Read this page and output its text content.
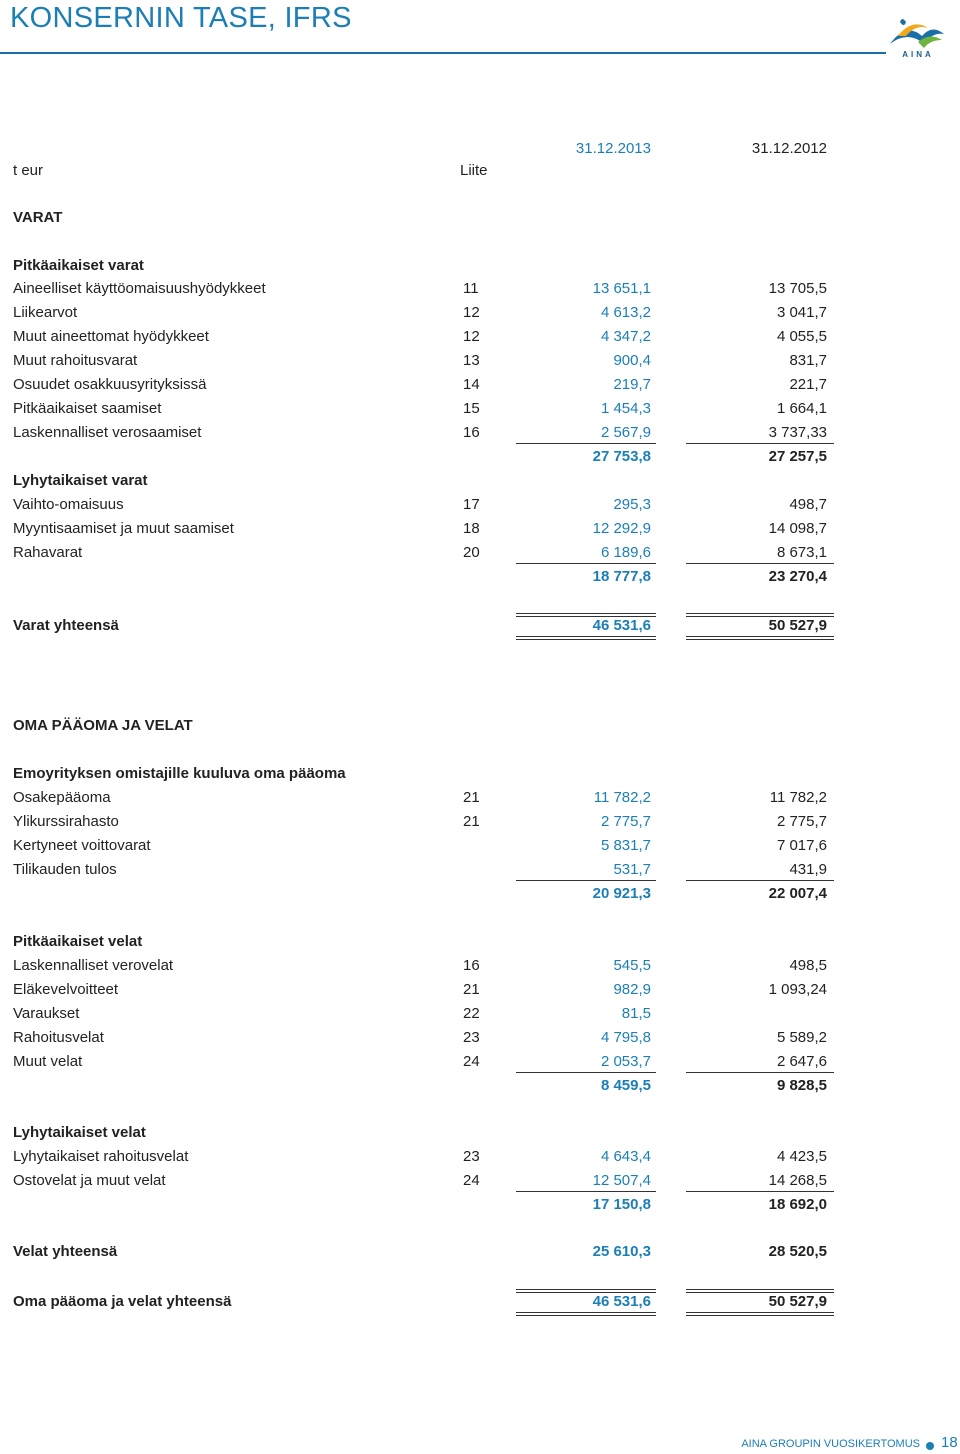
KONSERNIN TASE, IFRS
AINA
31.12.2013	31.12.2012
t eur	Liite
VARAT
Pitkäaikaiset varat
Aineelliset käyttöomaisuushyödykkeet	11	13 651,1	13 705,5
Liikearvot	12	4 613,2	3 041,7
Muut aineettomat hyödykkeet	12	4 347,2	4 055,5
Muut rahoitusvarat	13	900,4	831,7
Osuudet osakkuusyrityksissä	14	219,7	221,7
Pitkäaikaiset saamiset	15	1 454,3	1 664,1
Laskennalliset verosaamiset	16	2 567,9	3 737,33
27 753,8	27 257,5
Lyhytaikaiset varat
Vaihto-omaisuus	17	295,3	498,7
Myyntisaamiset ja muut saamiset	18	12 292,9	14 098,7
Rahavarat	20	6 189,6	8 673,1
18 777,8	23 270,4
Varat yhteensä	46 531,6	50 527,9
OMA PÄÄOMA JA VELAT
Emoyrityksen omistajille kuuluva oma pääoma
Osakepääoma	21	11 782,2	11 782,2
Ylikurssirahasto	21	2 775,7	2 775,7
Kertyneet voittovarat	5 831,7	7 017,6
Tilikauden tulos	531,7	431,9
20 921,3	22 007,4
Pitkäaikaiset velat
Laskennalliset verovelat	16	545,5	498,5
Eläkevelvoitteet	21	982,9	1 093,24
Varaukset	22	81,5
Rahoitusvelat	23	4 795,8	5 589,2
Muut velat	24	2 053,7	2 647,6
8 459,5	9 828,5
Lyhytaikaiset velat
Lyhytaikaiset rahoitusvelat	23	4 643,4	4 423,5
Ostovelat ja muut velat	24	12 507,4	14 268,5
17 150,8	18 692,0
Velat yhteensä	25 610,3	28 520,5
Oma pääoma ja velat yhteensä	46 531,6	50 527,9
AINA GROUPIN VUOSIKERTOMUS 18
